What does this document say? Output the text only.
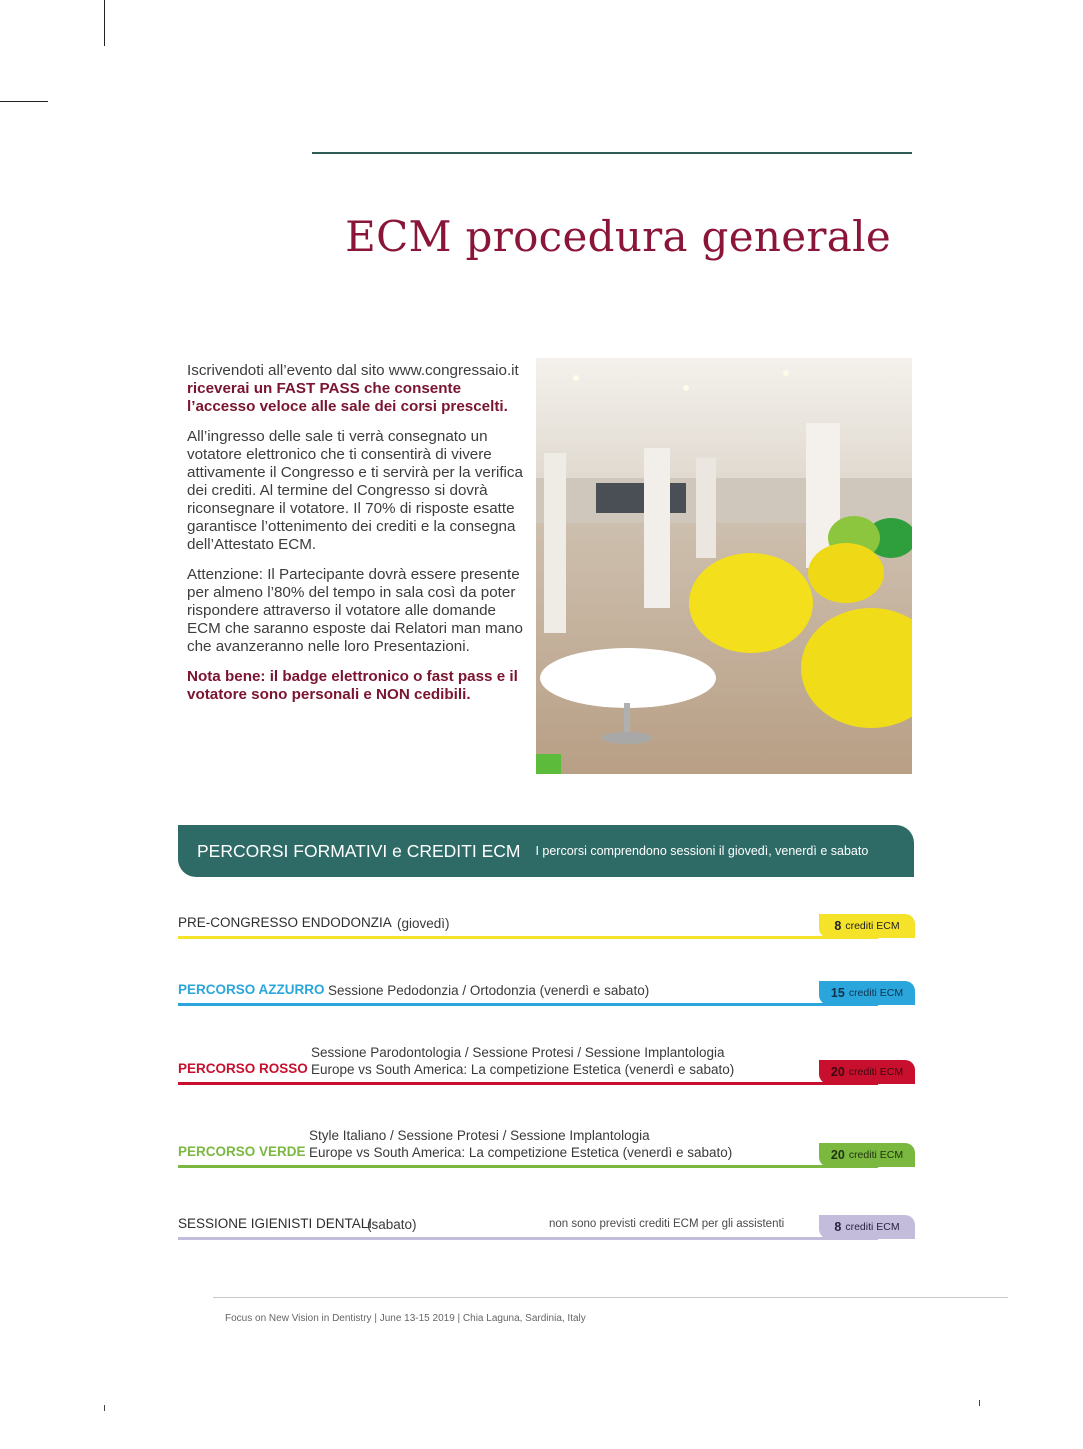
ECM procedura generale

Iscrivendoti all’evento dal sito www.congressaio.it riceverai un FAST PASS che consente l’accesso veloce alle sale dei corsi prescelti.

All’ingresso delle sale ti verrà consegnato un votatore elettronico che ti consentirà di vivere attivamente il Congresso e ti servirà per la verifica dei crediti. Al termine del Congresso si dovrà riconsegnare il votatore. Il 70% di risposte esatte garantisce l’ottenimento dei crediti e la consegna dell’Attestato ECM.

Attenzione: Il Partecipante dovrà essere presente per almeno l’80% del tempo in sala così da poter rispondere attraverso il votatore alle domande ECM che saranno esposte dai Relatori man mano che avanzeranno nelle loro Presentazioni.

Nota bene: il badge elettronico o fast pass e il votatore sono personali e NON cedibili.

PERCORSI FORMATIVI e CREDITI ECM I percorsi comprendono sessioni il giovedì, venerdì e sabato
PRE-CONGRESSO ENDODONZIA (giovedì)	8 crediti ECM
PERCORSO AZZURRO Sessione Pedodonzia / Ortodonzia (venerdì e sabato)	15 crediti ECM
PERCORSO ROSSO
Sessione Parodontologia / Sessione Protesi / Sessione Implantologia
Europe vs South America: La competizione Estetica (venerdì e sabato)	20 crediti ECM
PERCORSO VERDE
Style Italiano / Sessione Protesi / Sessione Implantologia
Europe vs South America: La competizione Estetica (venerdì e sabato)	20 crediti ECM
SESSIONE IGIENISTI DENTALI
(sabato)	non sono previsti crediti ECM per gli assistenti	8 crediti ECM
Focus on New Vision in Dentistry | June 13-15 2019 | Chia Laguna, Sardinia, Italy
